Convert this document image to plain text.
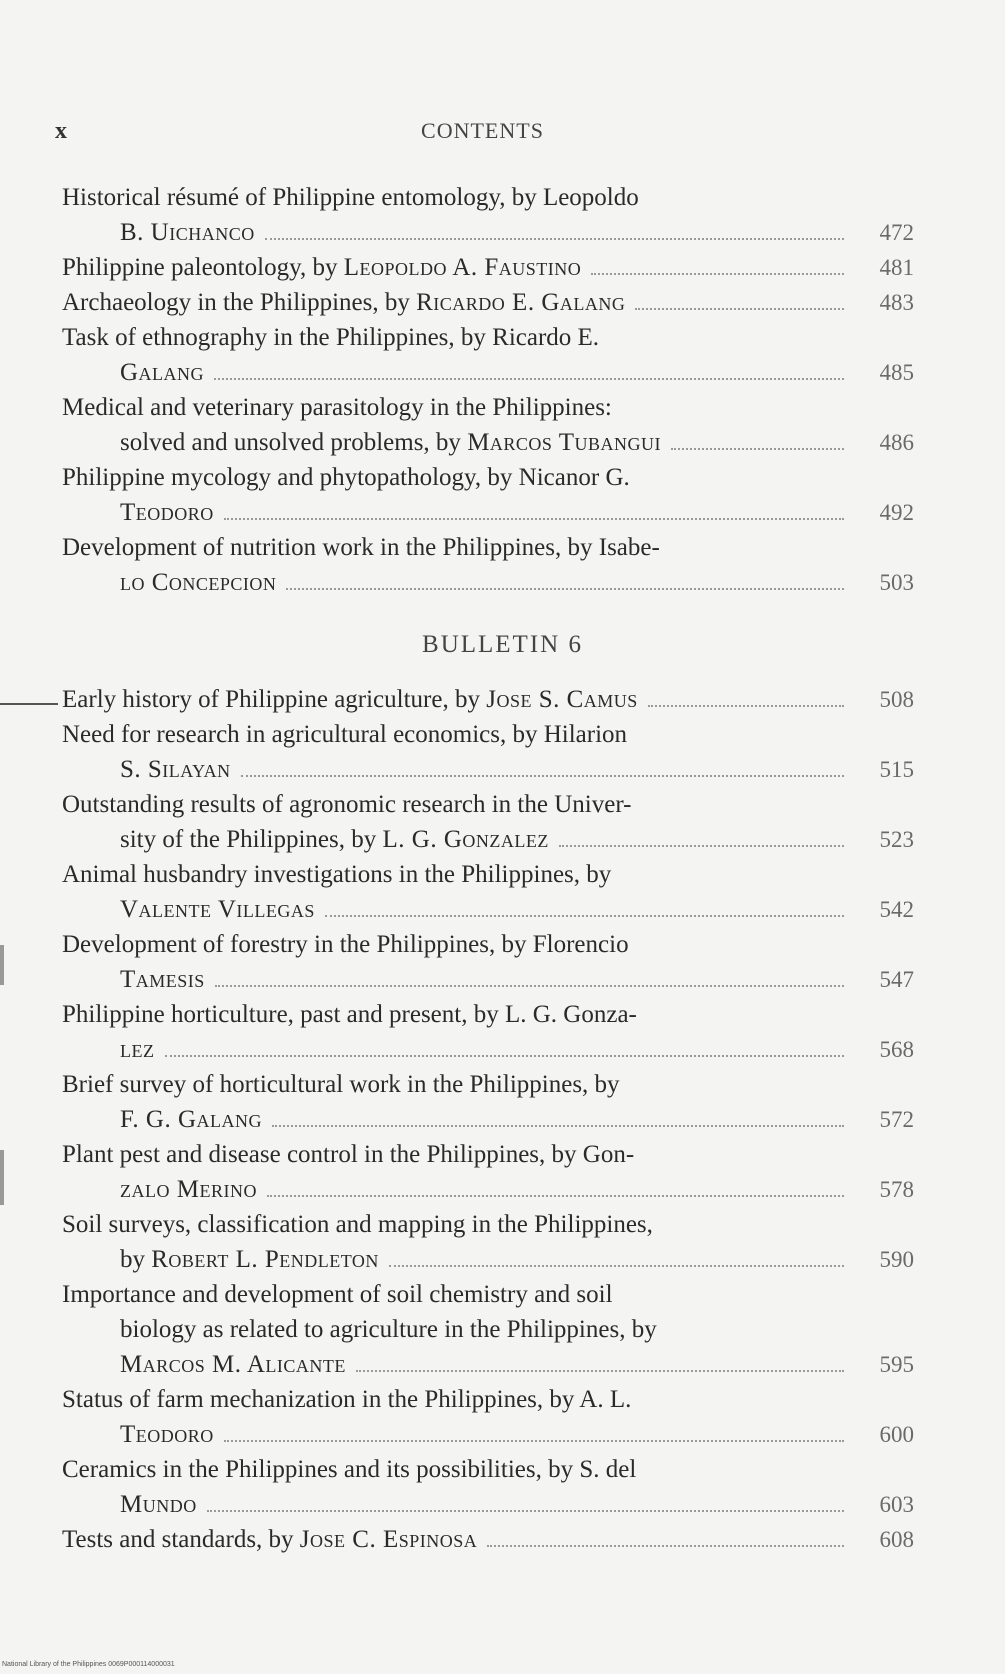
x	CONTENTS
Historical résumé of Philippine entomology, by Leopoldo
B. Uichanco	472
Philippine paleontology, by Leopoldo A. Faustino	481
Archaeology in the Philippines, by Ricardo E. Galang	483
Task of ethnography in the Philippines, by Ricardo E.
Galang	485
Medical and veterinary parasitology in the Philippines:
solved and unsolved problems, by Marcos Tubangui	486
Philippine mycology and phytopathology, by Nicanor G.
Teodoro	492
Development of nutrition work in the Philippines, by Isabe-
lo Concepcion	503
BULLETIN 6
Early history of Philippine agriculture, by Jose S. Camus	508
Need for research in agricultural economics, by Hilarion
S. Silayan	515
Outstanding results of agronomic research in the Univer-
sity of the Philippines, by L. G. Gonzalez	523
Animal husbandry investigations in the Philippines, by
Valente Villegas	542
Development of forestry in the Philippines, by Florencio
Tamesis	547
Philippine horticulture, past and present, by L. G. Gonza-
lez	568
Brief survey of horticultural work in the Philippines, by
F. G. Galang	572
Plant pest and disease control in the Philippines, by Gon-
zalo Merino	578
Soil surveys, classification and mapping in the Philippines,
by Robert L. Pendleton	590
Importance and development of soil chemistry and soil
biology as related to agriculture in the Philippines, by
Marcos M. Alicante	595
Status of farm mechanization in the Philippines, by A. L.
Teodoro	600
Ceramics in the Philippines and its possibilities, by S. del
Mundo	603
Tests and standards, by Jose C. Espinosa	608
National Library of the Philippines 0069P000114000031
